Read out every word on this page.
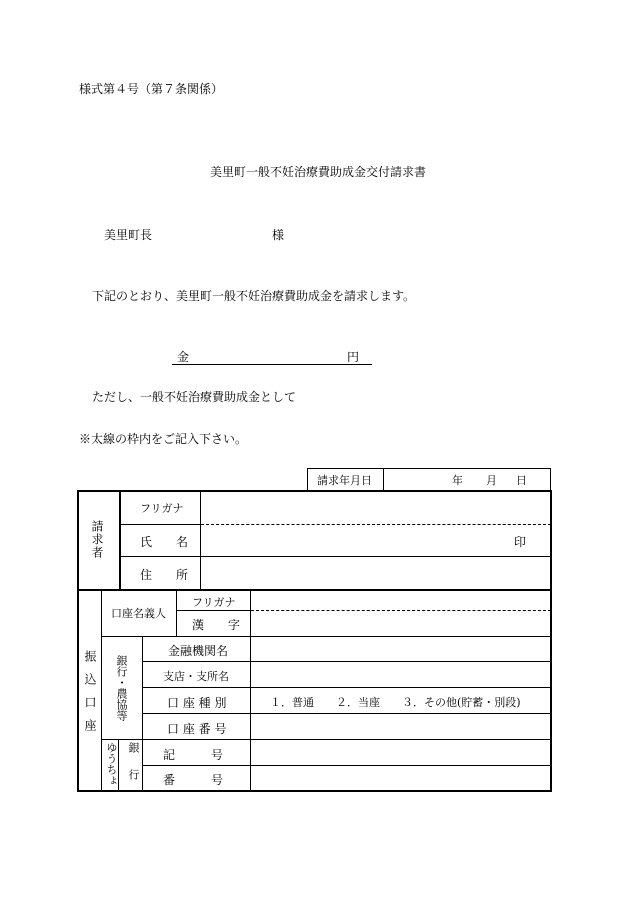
様式第４号（第７条関係）
美里町一般不妊治療費助成金交付請求書
美里町長	様
下記のとおり、美里町一般不妊治療費助成金を請求します。
金	円
ただし、一般不妊治療費助成金として
※太線の枠内をご記入下さい。
請求年月日	年 月 日
請求者
フリガナ
氏　　名	印
住　　所
振込口座
口座名義人
フリガナ
漢　　字
銀行・農協等
金融機関名
支店・支所名
口 座 種 別	１．普通　　２．当座　　３．その他(貯蓄・別段)
口 座 番 号
ゆうちょ 銀行 記　　　号
番　　　号
